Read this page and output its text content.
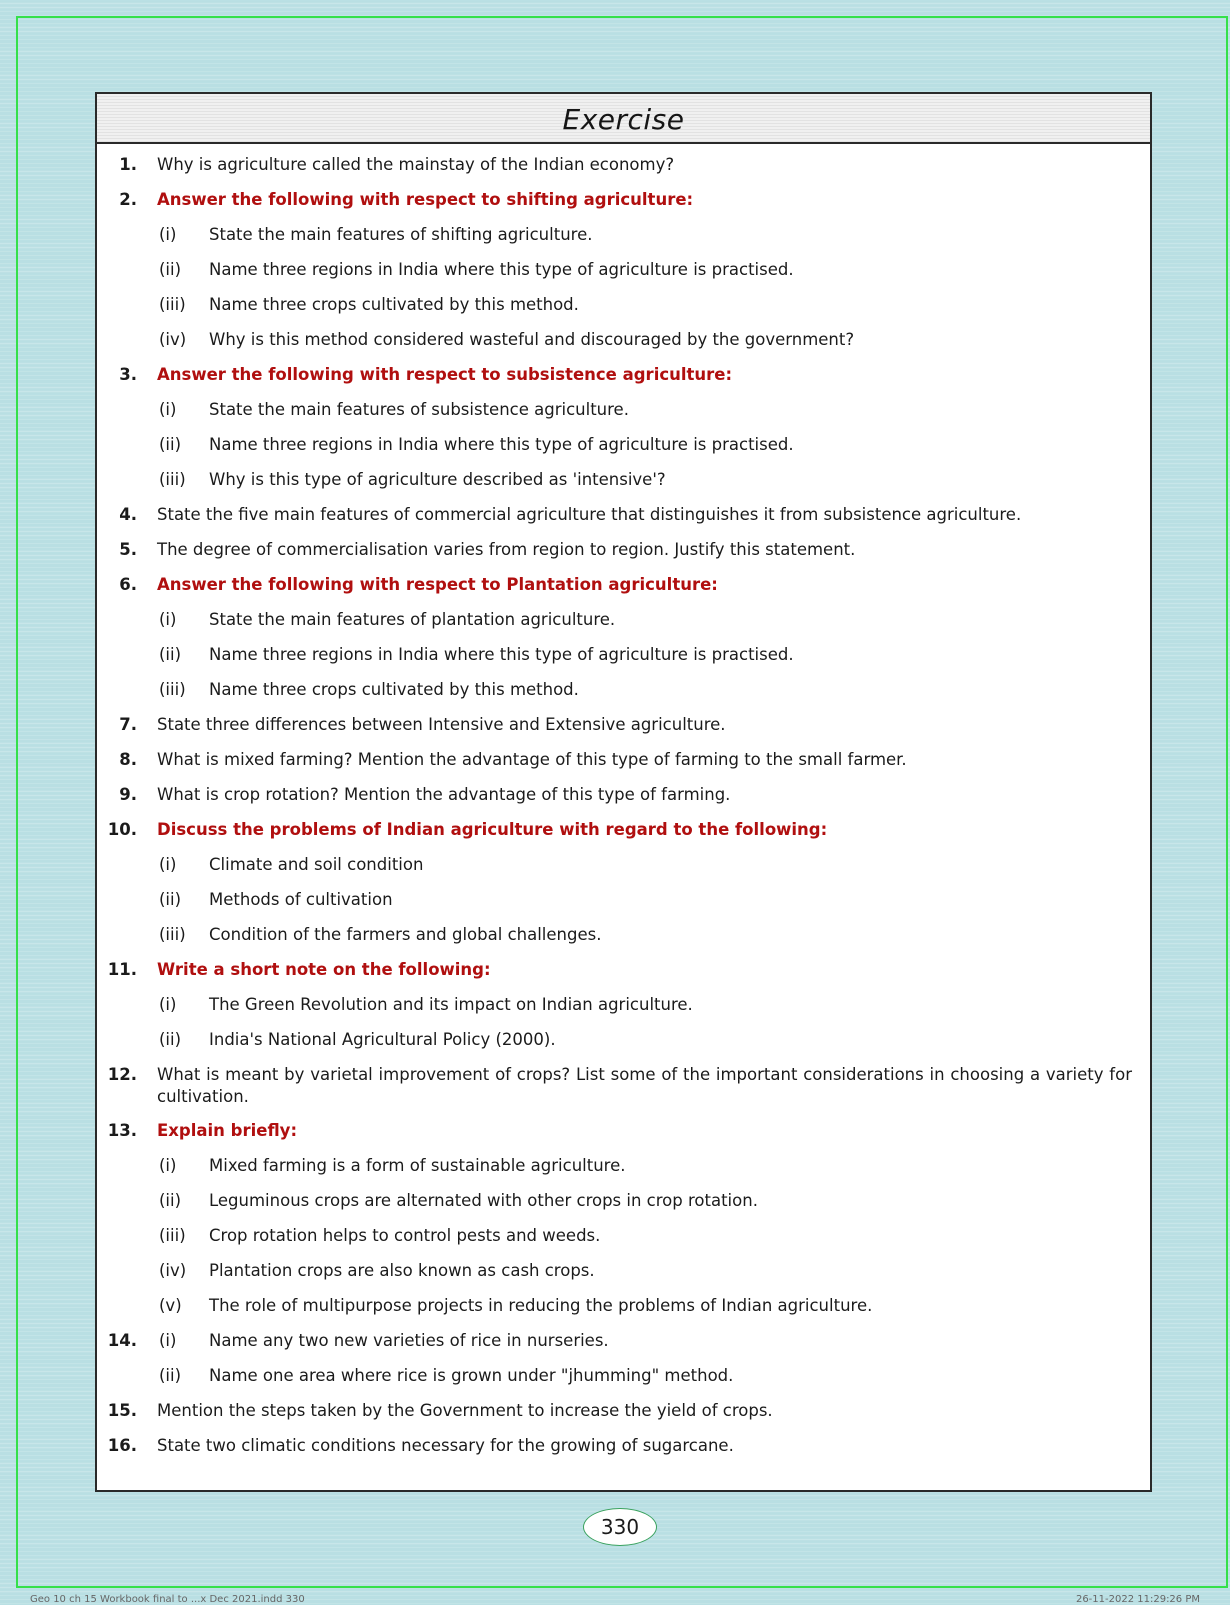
Exercise
1. Why is agriculture called the mainstay of the Indian economy?
2. Answer the following with respect to shifting agriculture:
(i) State the main features of shifting agriculture.
(ii) Name three regions in India where this type of agriculture is practised.
(iii) Name three crops cultivated by this method.
(iv) Why is this method considered wasteful and discouraged by the government?
3. Answer the following with respect to subsistence agriculture:
(i) State the main features of subsistence agriculture.
(ii) Name three regions in India where this type of agriculture is practised.
(iii) Why is this type of agriculture described as 'intensive'?
4. State the five main features of commercial agriculture that distinguishes it from subsistence agriculture.
5. The degree of commercialisation varies from region to region. Justify this statement.
6. Answer the following with respect to Plantation agriculture:
(i) State the main features of plantation agriculture.
(ii) Name three regions in India where this type of agriculture is practised.
(iii) Name three crops cultivated by this method.
7. State three differences between Intensive and Extensive agriculture.
8. What is mixed farming? Mention the advantage of this type of farming to the small farmer.
9. What is crop rotation? Mention the advantage of this type of farming.
10. Discuss the problems of Indian agriculture with regard to the following:
(i) Climate and soil condition
(ii) Methods of cultivation
(iii) Condition of the farmers and global challenges.
11. Write a short note on the following:
(i) The Green Revolution and its impact on Indian agriculture.
(ii) India's National Agricultural Policy (2000).
12. What is meant by varietal improvement of crops? List some of the important considerations in choosing a variety for cultivation.
13. Explain briefly:
(i) Mixed farming is a form of sustainable agriculture.
(ii) Leguminous crops are alternated with other crops in crop rotation.
(iii) Crop rotation helps to control pests and weeds.
(iv) Plantation crops are also known as cash crops.
(v) The role of multipurpose projects in reducing the problems of Indian agriculture.
14. (i) Name any two new varieties of rice in nurseries.
(ii) Name one area where rice is grown under "jhumming" method.
15. Mention the steps taken by the Government to increase the yield of crops.
16. State two climatic conditions necessary for the growing of sugarcane.
330
Geo 10 ch 15 Workbook final to ...x Dec 2021.indd 330	26-11-2022 11:29:26 PM
